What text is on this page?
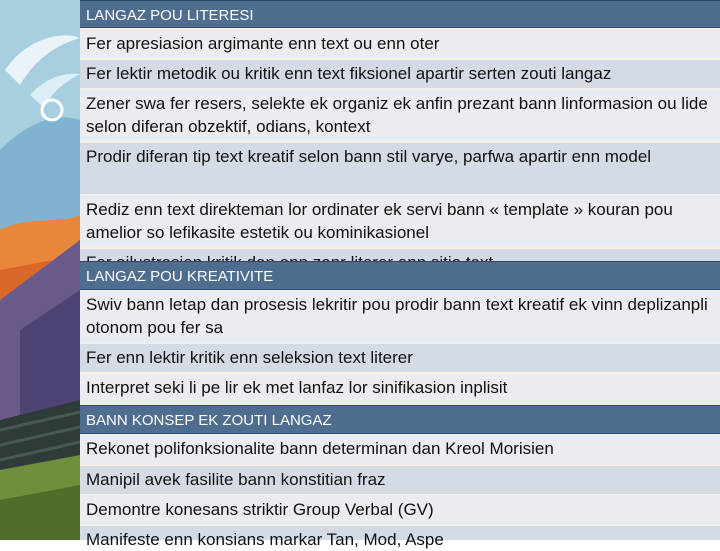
LANGAZ POU LITERESI
Fer apresiasion argimante enn text ou enn oter
Fer lektir metodik ou kritik enn text fiksionel apartir serten zouti langaz
Zener swa fer resers, selekte ek organiz ek anfin prezant bann linformasion ou lide selon diferan obzektif, odians, kontext
Prodir diferan tip text kreatif selon bann stil varye, parfwa apartir enn model
Rediz enn text direkteman lor ordinater ek servi bann « template » kouran pou amelior so lefikasite estetik ou kominikasionel
LANGAZ POU KREATIVITE
Swiv bann letap dan prosesis lekritir pou prodir bann text kreatif ek vinn deplizanpli otonom pou fer sa
Fer enn lektir kritik enn seleksion text literer
Interpret seki li pe lir ek met lanfaz lor sinifikasion inplisit
BANN KONSEP EK ZOUTI LANGAZ
Rekonet polifonksionalite bann determinan dan Kreol Morisien
Manipil avek fasilite bann konstitian fraz
Demontre konesans striktir Group Verbal (GV)
Manifeste enn konsians markar Tan, Mod, Aspe
